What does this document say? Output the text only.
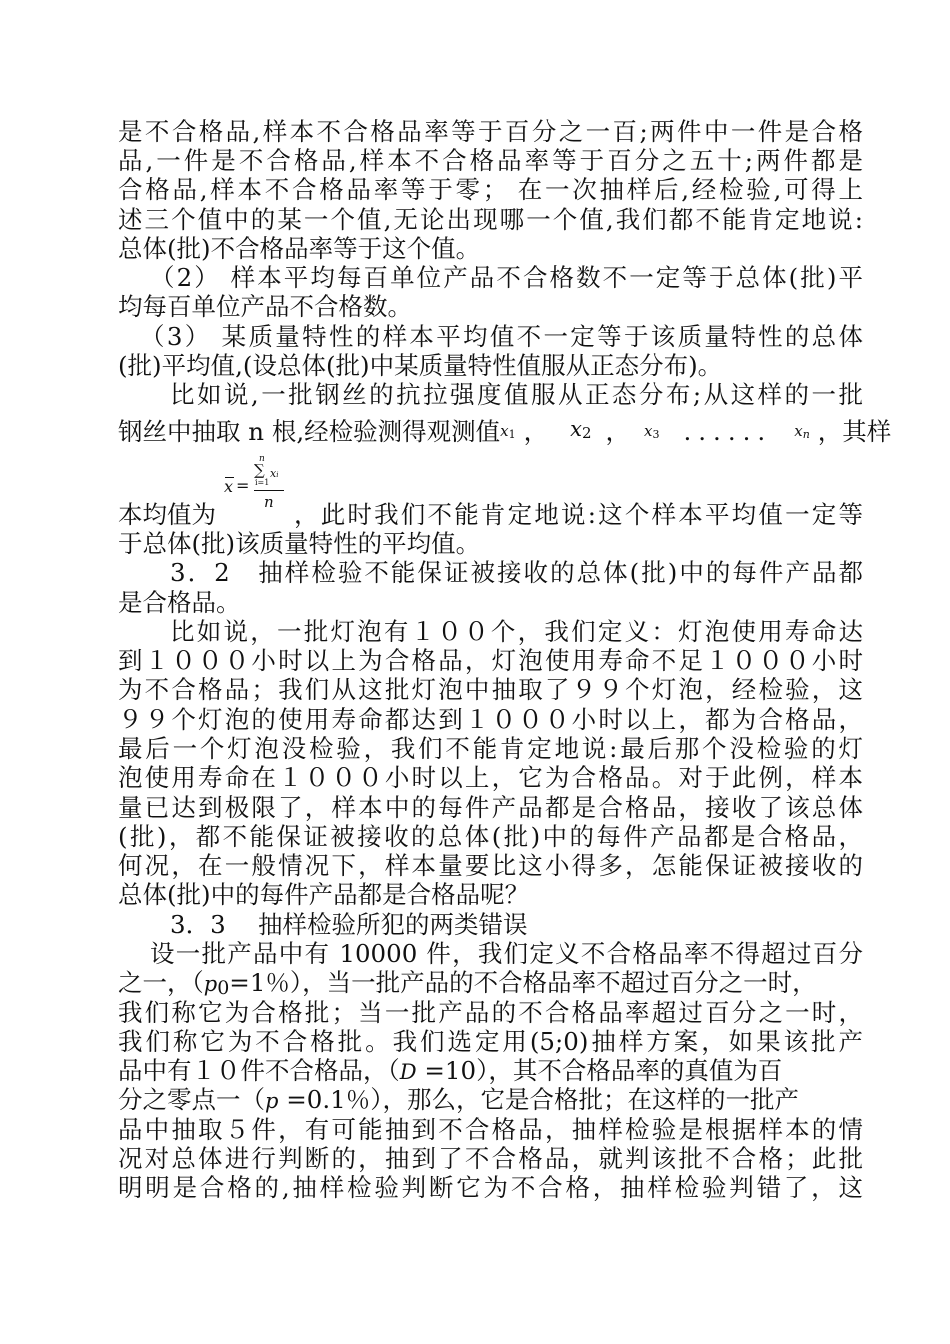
是不合格品,样本不合格品率等于百分之一百;两件中一件是合格
品,一件是不合格品,样本不合格品率等于百分之五十;两件都是
合格品,样本不合格品率等于零； 在一次抽样后,经检验,可得上
述三个值中的某一个值,无论出现哪一个值,我们都不能肯定地说:
总体(批)不合格品率等于这个值。
（2） 样本平均每百单位产品不合格数不一定等于总体(批)平
均每百单位产品不合格数。
（3） 某质量特性的样本平均值不一定等于该质量特性的总体
(批)平均值,(设总体(批)中某质量特性值服从正态分布)。
比如说,一批钢丝的抗拉强度值服从正态分布;从这样的一批
钢丝中抽取 n 根,经检验测得观测值x1 ， x2 ， x3 ...... xn ，其样
本均值为
x =
n
∑
i=1
xi
n ，此时我们不能肯定地说:这个样本平均值一定等
于总体(批)该质量特性的平均值。
3．2　抽样检验不能保证被接收的总体(批)中的每件产品都
是合格品。
比如说，一批灯泡有１００个，我们定义：灯泡使用寿命达
到１０００小时以上为合格品，灯泡使用寿命不足１０００小时
为不合格品；我们从这批灯泡中抽取了９９个灯泡，经检验，这
９９个灯泡的使用寿命都达到１０００小时以上，都为合格品，
最后一个灯泡没检验，我们不能肯定地说:最后那个没检验的灯
泡使用寿命在１０００小时以上，它为合格品。对于此例，样本
量已达到极限了，样本中的每件产品都是合格品，接收了该总体
(批)，都不能保证被接收的总体(批)中的每件产品都是合格品，
何况，在一般情况下，样本量要比这小得多，怎能保证被接收的
总体(批)中的每件产品都是合格品呢？
3．3　 抽样检验所犯的两类错误
设一批产品中有 10000 件，我们定义不合格品率不得超过百分
之一，（p0=1％），当一批产品的不合格品率不超过百分之一时，
我们称它为合格批；当一批产品的不合格品率超过百分之一时，
我们称它为不合格批。我们选定用(5;0)抽样方案，如果该批产
品中有１０件不合格品，（D =10），其不合格品率的真值为百
分之零点一（p =0.1％），那么，它是合格批；在这样的一批产
品中抽取５件，有可能抽到不合格品，抽样检验是根据样本的情
况对总体进行判断的，抽到了不合格品，就判该批不合格；此批
明明是合格的,抽样检验判断它为不合格，抽样检验判错了，这
